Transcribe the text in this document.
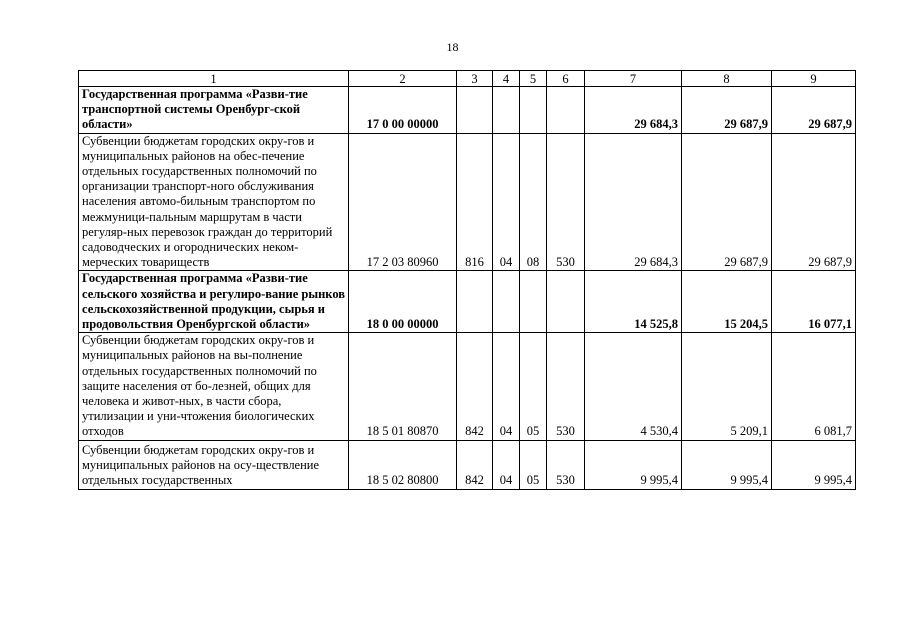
18
1	2	3	4	5	6	7	8	9
Государственная программа «Разви-тие транспортной системы Оренбург-ской области»	17 0 00 00000					29 684,3	29 687,9	29 687,9
Субвенции бюджетам городских окру-гов и муниципальных районов на обес-печение отдельных государственных полномочий по организации транспорт-ного обслуживания населения автомо-бильным транспортом по межмуници-пальным маршрутам в части регуляр-ных перевозок граждан до территорий садоводческих и огороднических неком-мерческих товариществ	17 2 03 80960	816	04	08	530	29 684,3	29 687,9	29 687,9
Государственная программа «Разви-тие сельского хозяйства и регулиро-вание рынков сельскохозяйственной продукции, сырья и продовольствия Оренбургской области»	18 0 00 00000					14 525,8	15 204,5	16 077,1
Субвенции бюджетам городских окру-гов и муниципальных районов на вы-полнение отдельных государственных полномочий по защите населения от бо-лезней, общих для человека и живот-ных, в части сбора, утилизации и уни-чтожения биологических отходов	18 5 01 80870	842	04	05	530	4 530,4	5 209,1	6 081,7
Субвенции бюджетам городских окру-гов и муниципальных районов на осу-ществление отдельных государственных	18 5 02 80800	842	04	05	530	9 995,4	9 995,4	9 995,4
